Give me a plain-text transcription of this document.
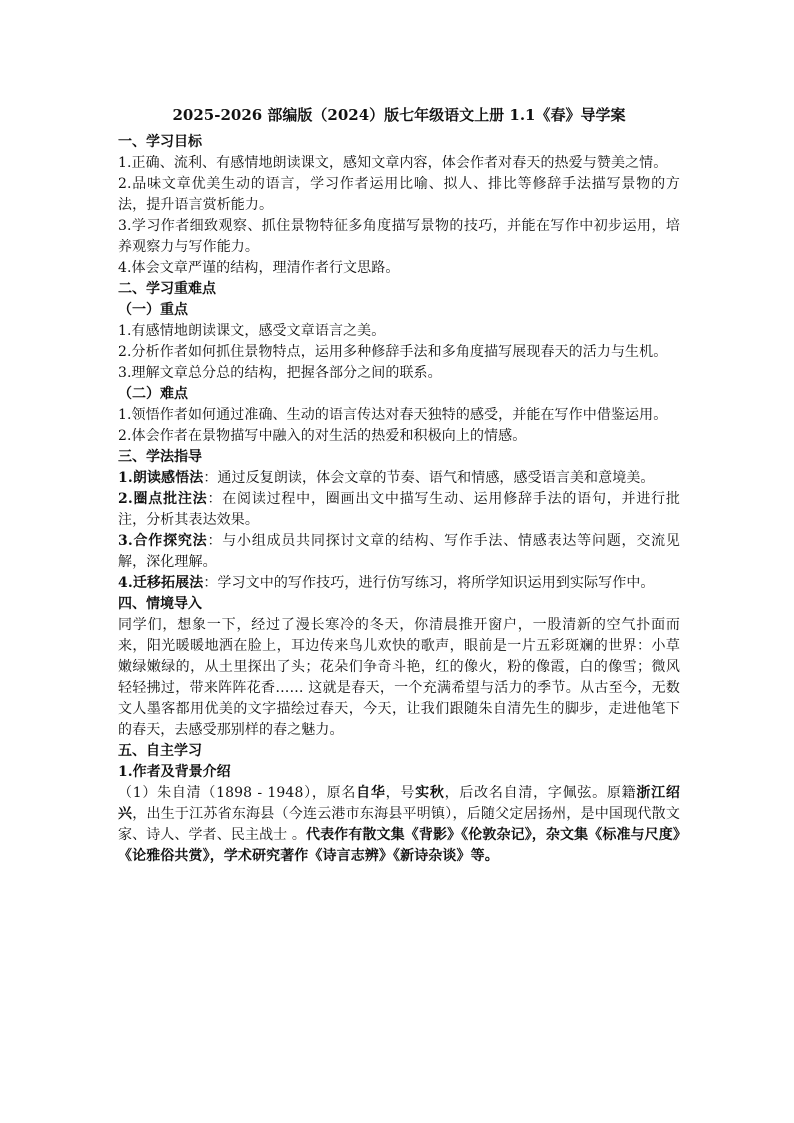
2025-2026 部编版（2024）版七年级语文上册 1.1《春》导学案
一、学习目标
1.正确、流利、有感情地朗读课文，感知文章内容，体会作者对春天的热爱与赞美之情。
2.品味文章优美生动的语言，学习作者运用比喻、拟人、排比等修辞手法描写景物的方法，提升语言赏析能力。
3.学习作者细致观察、抓住景物特征多角度描写景物的技巧，并能在写作中初步运用，培养观察力与写作能力。
4.体会文章严谨的结构，理清作者行文思路。
二、学习重难点
（一）重点
1.有感情地朗读课文，感受文章语言之美。
2.分析作者如何抓住景物特点，运用多种修辞手法和多角度描写展现春天的活力与生机。
3.理解文章总分总的结构，把握各部分之间的联系。
（二）难点
1.领悟作者如何通过准确、生动的语言传达对春天独特的感受，并能在写作中借鉴运用。
2.体会作者在景物描写中融入的对生活的热爱和积极向上的情感。
三、学法指导
1.朗读感悟法：通过反复朗读，体会文章的节奏、语气和情感，感受语言美和意境美。
2.圈点批注法：在阅读过程中，圈画出文中描写生动、运用修辞手法的语句，并进行批注，分析其表达效果。
3.合作探究法：与小组成员共同探讨文章的结构、写作手法、情感表达等问题，交流见解，深化理解。
4.迁移拓展法：学习文中的写作技巧，进行仿写练习，将所学知识运用到实际写作中。
四、情境导入
同学们，想象一下，经过了漫长寒冷的冬天，你清晨推开窗户，一股清新的空气扑面而来，阳光暖暖地洒在脸上，耳边传来鸟儿欢快的歌声，眼前是一片五彩斑斓的世界：小草嫩绿嫩绿的，从土里探出了头；花朵们争奇斗艳，红的像火，粉的像霞，白的像雪；微风轻轻拂过，带来阵阵花香…… 这就是春天，一个充满希望与活力的季节。从古至今，无数文人墨客都用优美的文字描绘过春天，今天，让我们跟随朱自清先生的脚步，走进他笔下的春天，去感受那别样的春之魅力。
五、自主学习
1.作者及背景介绍
（1）朱自清（1898 - 1948），原名自华，号实秋，后改名自清，字佩弦。原籍浙江绍兴，出生于江苏省东海县（今连云港市东海县平明镇），后随父定居扬州，是中国现代散文家、诗人、学者、民主战士 。代表作有散文集《背影》《伦敦杂记》，杂文集《标准与尺度》《论雅俗共赏》，学术研究著作《诗言志辨》《新诗杂谈》等。
